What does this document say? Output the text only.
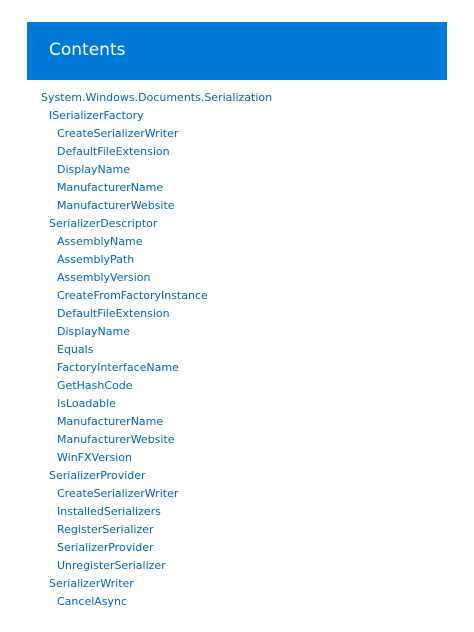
Contents
System.Windows.Documents.Serialization
ISerializerFactory
CreateSerializerWriter
DefaultFileExtension
DisplayName
ManufacturerName
ManufacturerWebsite
SerializerDescriptor
AssemblyName
AssemblyPath
AssemblyVersion
CreateFromFactoryInstance
DefaultFileExtension
DisplayName
Equals
FactoryInterfaceName
GetHashCode
IsLoadable
ManufacturerName
ManufacturerWebsite
WinFXVersion
SerializerProvider
CreateSerializerWriter
InstalledSerializers
RegisterSerializer
SerializerProvider
UnregisterSerializer
SerializerWriter
CancelAsync
